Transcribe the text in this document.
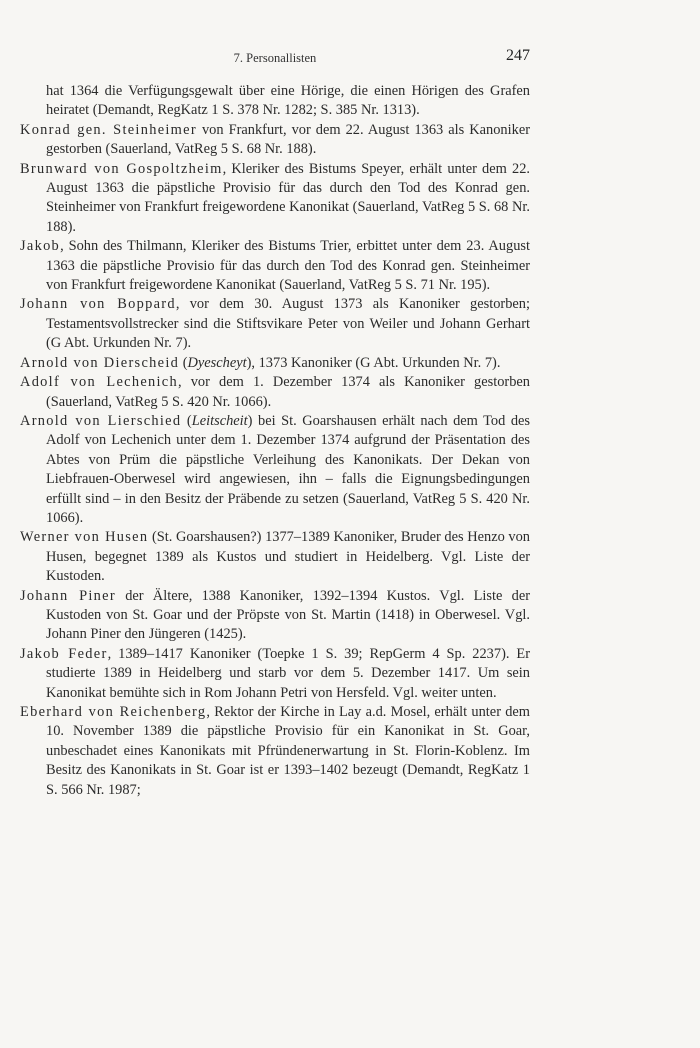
7. Personallisten	247

hat 1364 die Verfügungsgewalt über eine Hörige, die einen Hörigen des Grafen heiratet (Demandt, RegKatz 1 S. 378 Nr. 1282; S. 385 Nr. 1313).

Konrad gen. Steinheimer von Frankfurt, vor dem 22. August 1363 als Kanoniker gestorben (Sauerland, VatReg 5 S. 68 Nr. 188).

Brunward von Gospoltzheim, Kleriker des Bistums Speyer, erhält unter dem 22. August 1363 die päpstliche Provisio für das durch den Tod des Konrad gen. Steinheimer von Frankfurt freigewordene Kanonikat (Sauerland, VatReg 5 S. 68 Nr. 188).

Jakob, Sohn des Thilmann, Kleriker des Bistums Trier, erbittet unter dem 23. August 1363 die päpstliche Provisio für das durch den Tod des Konrad gen. Steinheimer von Frankfurt freigewordene Kanonikat (Sauerland, VatReg 5 S. 71 Nr. 195).

Johann von Boppard, vor dem 30. August 1373 als Kanoniker gestorben; Testamentsvollstrecker sind die Stiftsvikare Peter von Weiler und Johann Gerhart (G Abt. Urkunden Nr. 7).

Arnold von Dierscheid (Dyescheyt), 1373 Kanoniker (G Abt. Urkunden Nr. 7).

Adolf von Lechenich, vor dem 1. Dezember 1374 als Kanoniker gestorben (Sauerland, VatReg 5 S. 420 Nr. 1066).

Arnold von Lierschied (Leitscheit) bei St. Goarshausen erhält nach dem Tod des Adolf von Lechenich unter dem 1. Dezember 1374 aufgrund der Präsentation des Abtes von Prüm die päpstliche Verleihung des Kanonikats. Der Dekan von Liebfrauen-Oberwesel wird angewiesen, ihn – falls die Eignungsbedingungen erfüllt sind – in den Besitz der Präbende zu setzen (Sauerland, VatReg 5 S. 420 Nr. 1066).

Werner von Husen (St. Goarshausen?) 1377–1389 Kanoniker, Bruder des Henzo von Husen, begegnet 1389 als Kustos und studiert in Heidelberg. Vgl. Liste der Kustoden.

Johann Piner der Ältere, 1388 Kanoniker, 1392–1394 Kustos. Vgl. Liste der Kustoden von St. Goar und der Pröpste von St. Martin (1418) in Oberwesel. Vgl. Johann Piner den Jüngeren (1425).

Jakob Feder, 1389–1417 Kanoniker (Toepke 1 S. 39; RepGerm 4 Sp. 2237). Er studierte 1389 in Heidelberg und starb vor dem 5. Dezember 1417. Um sein Kanonikat bemühte sich in Rom Johann Petri von Hersfeld. Vgl. weiter unten.

Eberhard von Reichenberg, Rektor der Kirche in Lay a.d. Mosel, erhält unter dem 10. November 1389 die päpstliche Provisio für ein Kanonikat in St. Goar, unbeschadet eines Kanonikats mit Pfründenerwartung in St. Florin-Koblenz. Im Besitz des Kanonikats in St. Goar ist er 1393–1402 bezeugt (Demandt, RegKatz 1 S. 566 Nr. 1987;
